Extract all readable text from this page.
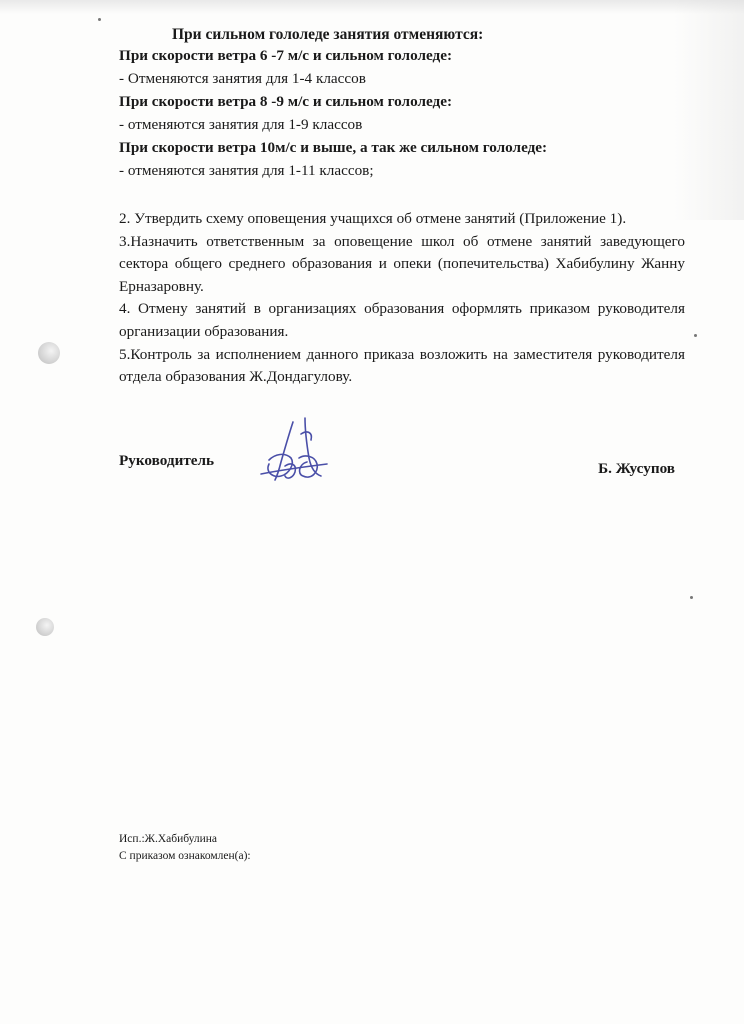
При сильном гололеде занятия отменяются:
При скорости ветра 6 -7 м/с и сильном гололеде:
- Отменяются занятия для 1-4 классов
При скорости ветра 8 -9 м/с и сильном гололеде:
- отменяются занятия для 1-9 классов
При скорости ветра 10м/с и выше, а так же сильном гололеде:
- отменяются занятия для 1-11 классов;

2. Утвердить схему оповещения учащихся об отмене занятий (Приложение 1).

3.Назначить ответственным за оповещение школ об отмене занятий заведующего сектора общего среднего образования и опеки (попечительства) Хабибулину Жанну Ерназаровну.

4. Отмену занятий в организациях образования оформлять приказом руководителя организации образования.

5.Контроль за исполнением данного приказа возложить на заместителя руководителя отдела образования Ж.Дондагулову.

Руководитель	Б. Жусупов
Исп.:Ж.Хабибулина
С приказом ознакомлен(а):
